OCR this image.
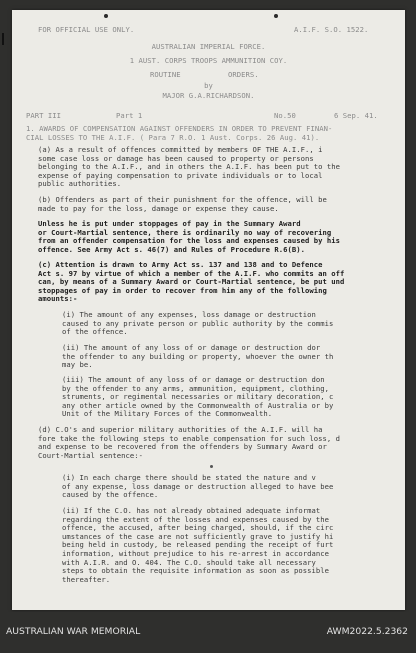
FOR OFFICIAL USE ONLY.	A.I.F. S.O. 1522.
AUSTRALIAN IMPERIAL FORCE.
1 AUST. CORPS TROOPS AMMUNITION COY.
ROUTINE	ORDERS.
by
MAJOR G.A.RICHARDSON.
PART III	Part 1	No.50	6 Sep. 41.
1. AWARDS OF COMPENSATION AGAINST OFFENDERS IN ORDER TO PREVENT FINAN-
CIAL LOSSES TO THE A.I.F. ( Para 7 R.O. 1 Aust. Corps. 26 Aug. 41).
(a) As a result of offences committed by members OF THE A.I.F., i
some case loss or damage has been caused to property or persons
belonging to the A.I.F., and in others the A.I.F. has been put to the
expense of paying compensation to private individuals or to local
public authorities.
(b) Offenders as part of their punishment for the offence, will be
made to pay for the loss, damage or expense they cause.
Unless he is put under stoppages of pay in the Summary Award
or Court-Martial sentence, there is ordinarily no way of recovering
from an offender compensation for the loss and expenses caused by his
offence. See Army Act s. 46(7) and Rules of Procedure R.6(B).
(c) Attention is drawn to Army Act ss. 137 and 138 and to Defence
Act s. 97 by virtue of which a member of the A.I.F. who commits an off
can, by means of a Summary Award or Court-Martial sentence, be put und
stoppages of pay in order to recover from him any of the following
amounts:-
(i) The amount of any expenses, loss damage or destruction
caused to any private person or public authority by the commis
of the offence.
(ii) The amount of any loss of or damage or destruction dor
the offender to any building or property, whoever the owner th
may be.
(iii) The amount of any loss of or damage or destruction don
by the offender to any arms, ammunition, equipment, clothing,
struments, or regimental necessaries or military decoration, c
any other article owned by the Commonwealth of Australia or by
Unit of the Military Forces of the Commonwealth.
(d) C.O's and superior military authorities of the A.I.F. will ha
fore take the following steps to enable compensation for such loss, d
and expense to be recovered from the offenders by Summary Award or
Court-Martial sentence:-
(i) In each charge there should be stated the nature and v
of any expense, loss damage or destruction alleged to have bee
caused by the offence.
(ii) If the C.O. has not already obtained adequate informat
regarding the extent of the losses and expenses caused by the
offence, the accused, after being charged, should, if the circ
umstances of the case are not sufficiently grave to justify hi
being held in custody, be released pending the receipt of furt
information, without prejudice to his re-arrest in accordance
with A.I.R. and O. 404. The C.O. should take all necessary
steps to obtain the requisite information as soon as possible
thereafter.
AUSTRALIAN WAR MEMORIAL	AWM2022.5.2362
